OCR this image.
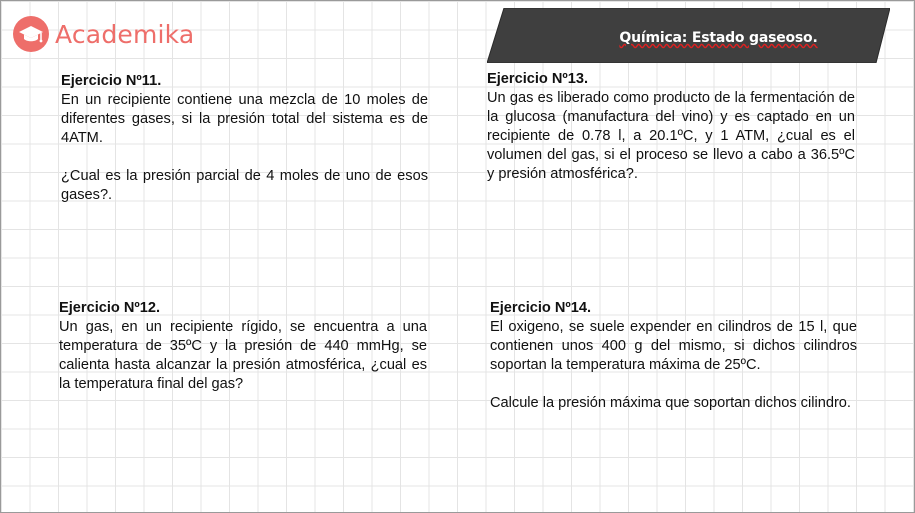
Academika	Química: Estado gaseoso.
Ejercicio Nº11.

En un recipiente contiene una mezcla de 10 moles de diferentes gases, si la presión total del sistema es de 4ATM.

¿Cual es la presión parcial de 4 moles de uno de esos gases?.

Ejercicio Nº13.

Un gas es liberado como producto de la fermentación de la glucosa (manufactura del vino) y es captado en un recipiente de 0.78 l, a 20.1ºC, y 1 ATM, ¿cual es el volumen del gas, si el proceso se llevo a cabo a 36.5ºC y presión atmosférica?.

Ejercicio Nº12.

Un gas, en un recipiente rígido, se encuentra a una temperatura de 35ºC y la presión de 440 mmHg, se calienta hasta alcanzar la presión atmosférica, ¿cual es la temperatura final del gas?

Ejercicio Nº14.

El oxigeno, se suele expender en cilindros de 15 l, que contienen unos 400 g del mismo, si dichos cilindros soportan la temperatura máxima de 25ºC.

Calcule la presión máxima que soportan dichos cilindro.
